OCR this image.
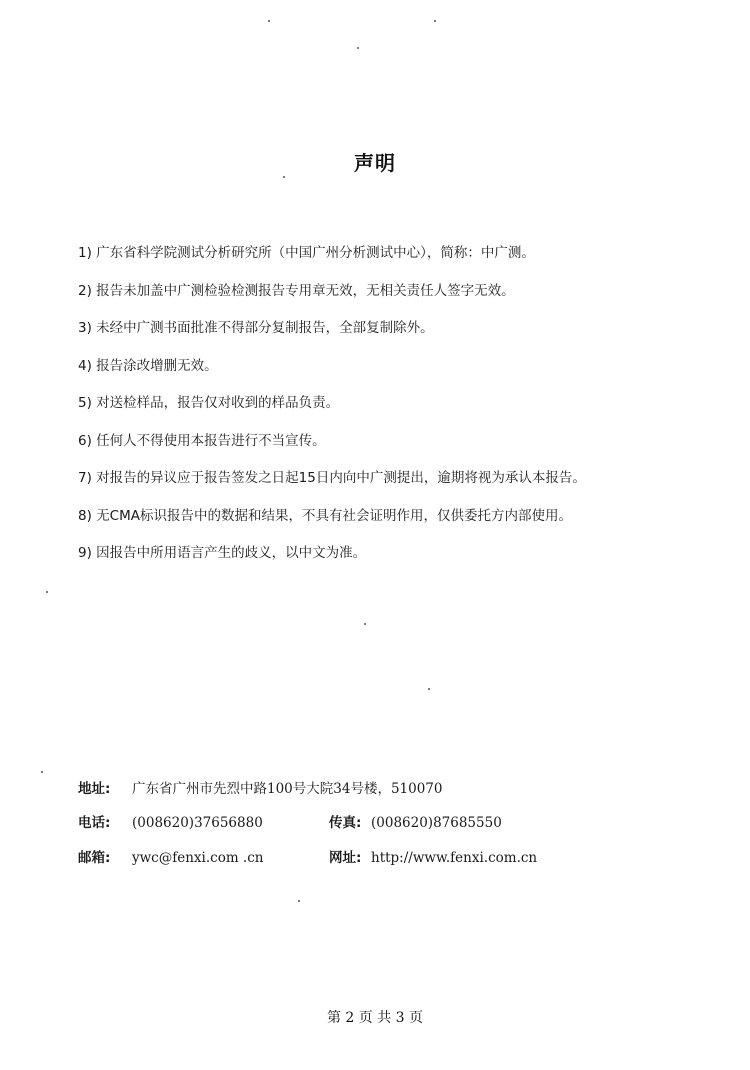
声明
1) 广东省科学院测试分析研究所（中国广州分析测试中心），简称：中广测。
2) 报告未加盖中广测检验检测报告专用章无效，无相关责任人签字无效。
3) 未经中广测书面批准不得部分复制报告，全部复制除外。
4) 报告涂改增删无效。
5) 对送检样品，报告仅对收到的样品负责。
6) 任何人不得使用本报告进行不当宣传。
7) 对报告的异议应于报告签发之日起15日内向中广测提出，逾期将视为承认本报告。
8) 无CMA标识报告中的数据和结果，不具有社会证明作用，仅供委托方内部使用。
9) 因报告中所用语言产生的歧义，以中文为准。
地址: 广东省广州市先烈中路100号大院34号楼，510070
电话: (008620)37656880	传真: (008620)87685550
邮箱: ywc@fenxi.com .cn	网址: http://www.fenxi.com.cn
第 2 页 共 3 页
